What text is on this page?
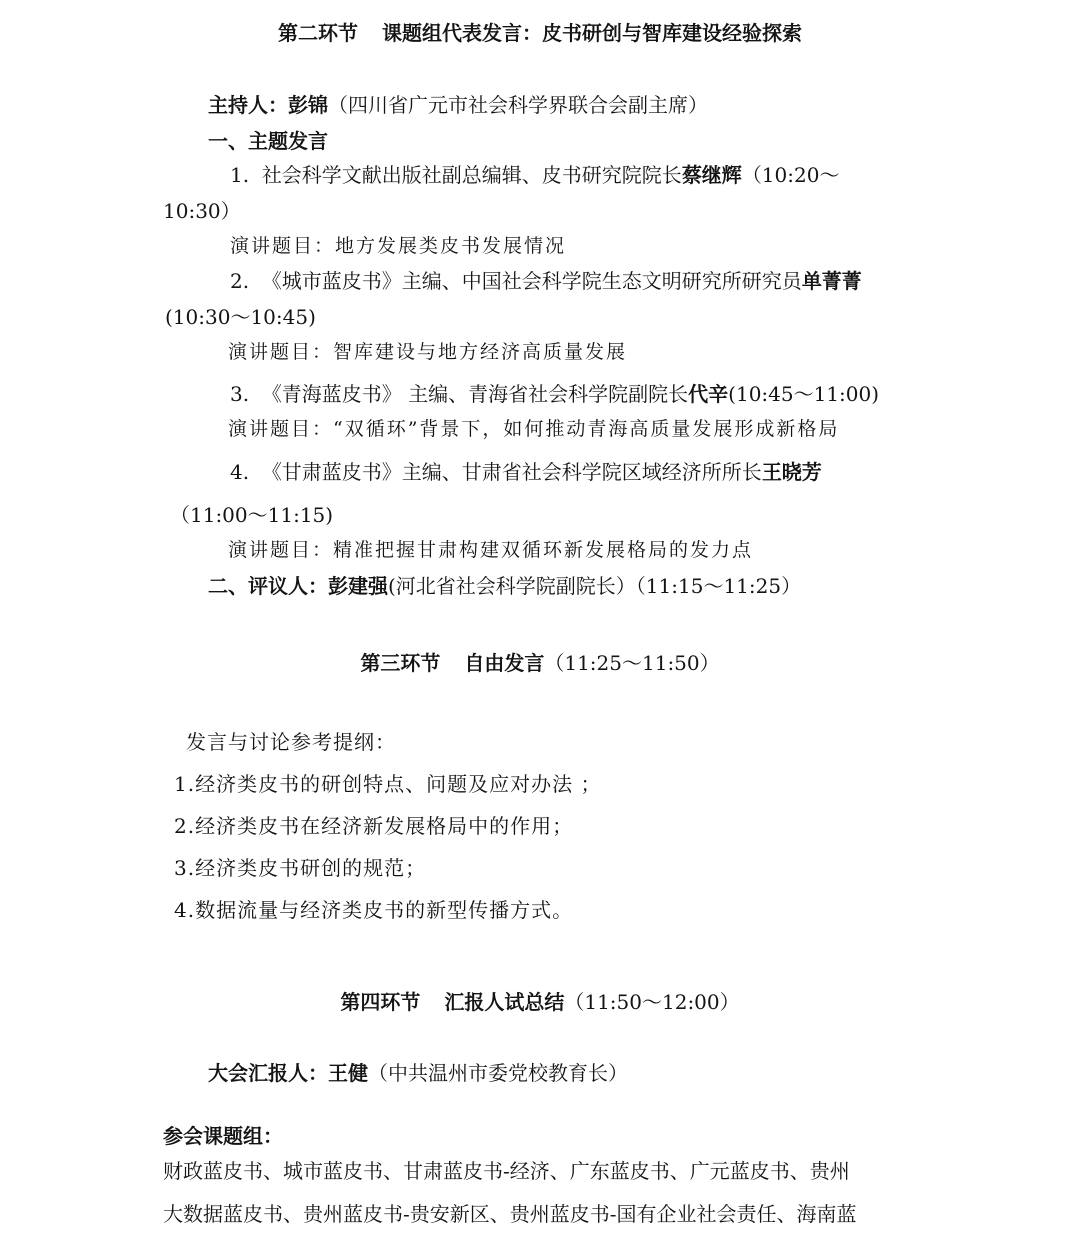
第二环节 课题组代表发言：皮书研创与智库建设经验探索
主持人：彭锦（四川省广元市社会科学界联合会副主席）
一、主题发言
1. 社会科学文献出版社副总编辑、皮书研究院院长蔡继辉（10:20～
10:30）
演讲题目：地方发展类皮书发展情况
2. 《城市蓝皮书》主编、中国社会科学院生态文明研究所研究员单菁菁
(10:30～10:45)
演讲题目：智库建设与地方经济高质量发展
3. 《青海蓝皮书》 主编、青海省社会科学院副院长代辛(10:45～11:00)
演讲题目：“双循环”背景下，如何推动青海高质量发展形成新格局
4. 《甘肃蓝皮书》主编、甘肃省社会科学院区域经济所所长王晓芳
（11:00～11:15)
演讲题目：精准把握甘肃构建双循环新发展格局的发力点
二、评议人：彭建强(河北省社会科学院副院长）（11:15～11:25）
第三环节 自由发言（11:25～11:50）
发言与讨论参考提纲：
1.经济类皮书的研创特点、问题及应对办法 ；
2.经济类皮书在经济新发展格局中的作用；
3.经济类皮书研创的规范；
4.数据流量与经济类皮书的新型传播方式。
第四环节 汇报人试总结（11:50～12:00）
大会汇报人：王健（中共温州市委党校教育长）
参会课题组：
财政蓝皮书、城市蓝皮书、甘肃蓝皮书-经济、广东蓝皮书、广元蓝皮书、贵州
大数据蓝皮书、贵州蓝皮书-贵安新区、贵州蓝皮书-国有企业社会责任、海南蓝
